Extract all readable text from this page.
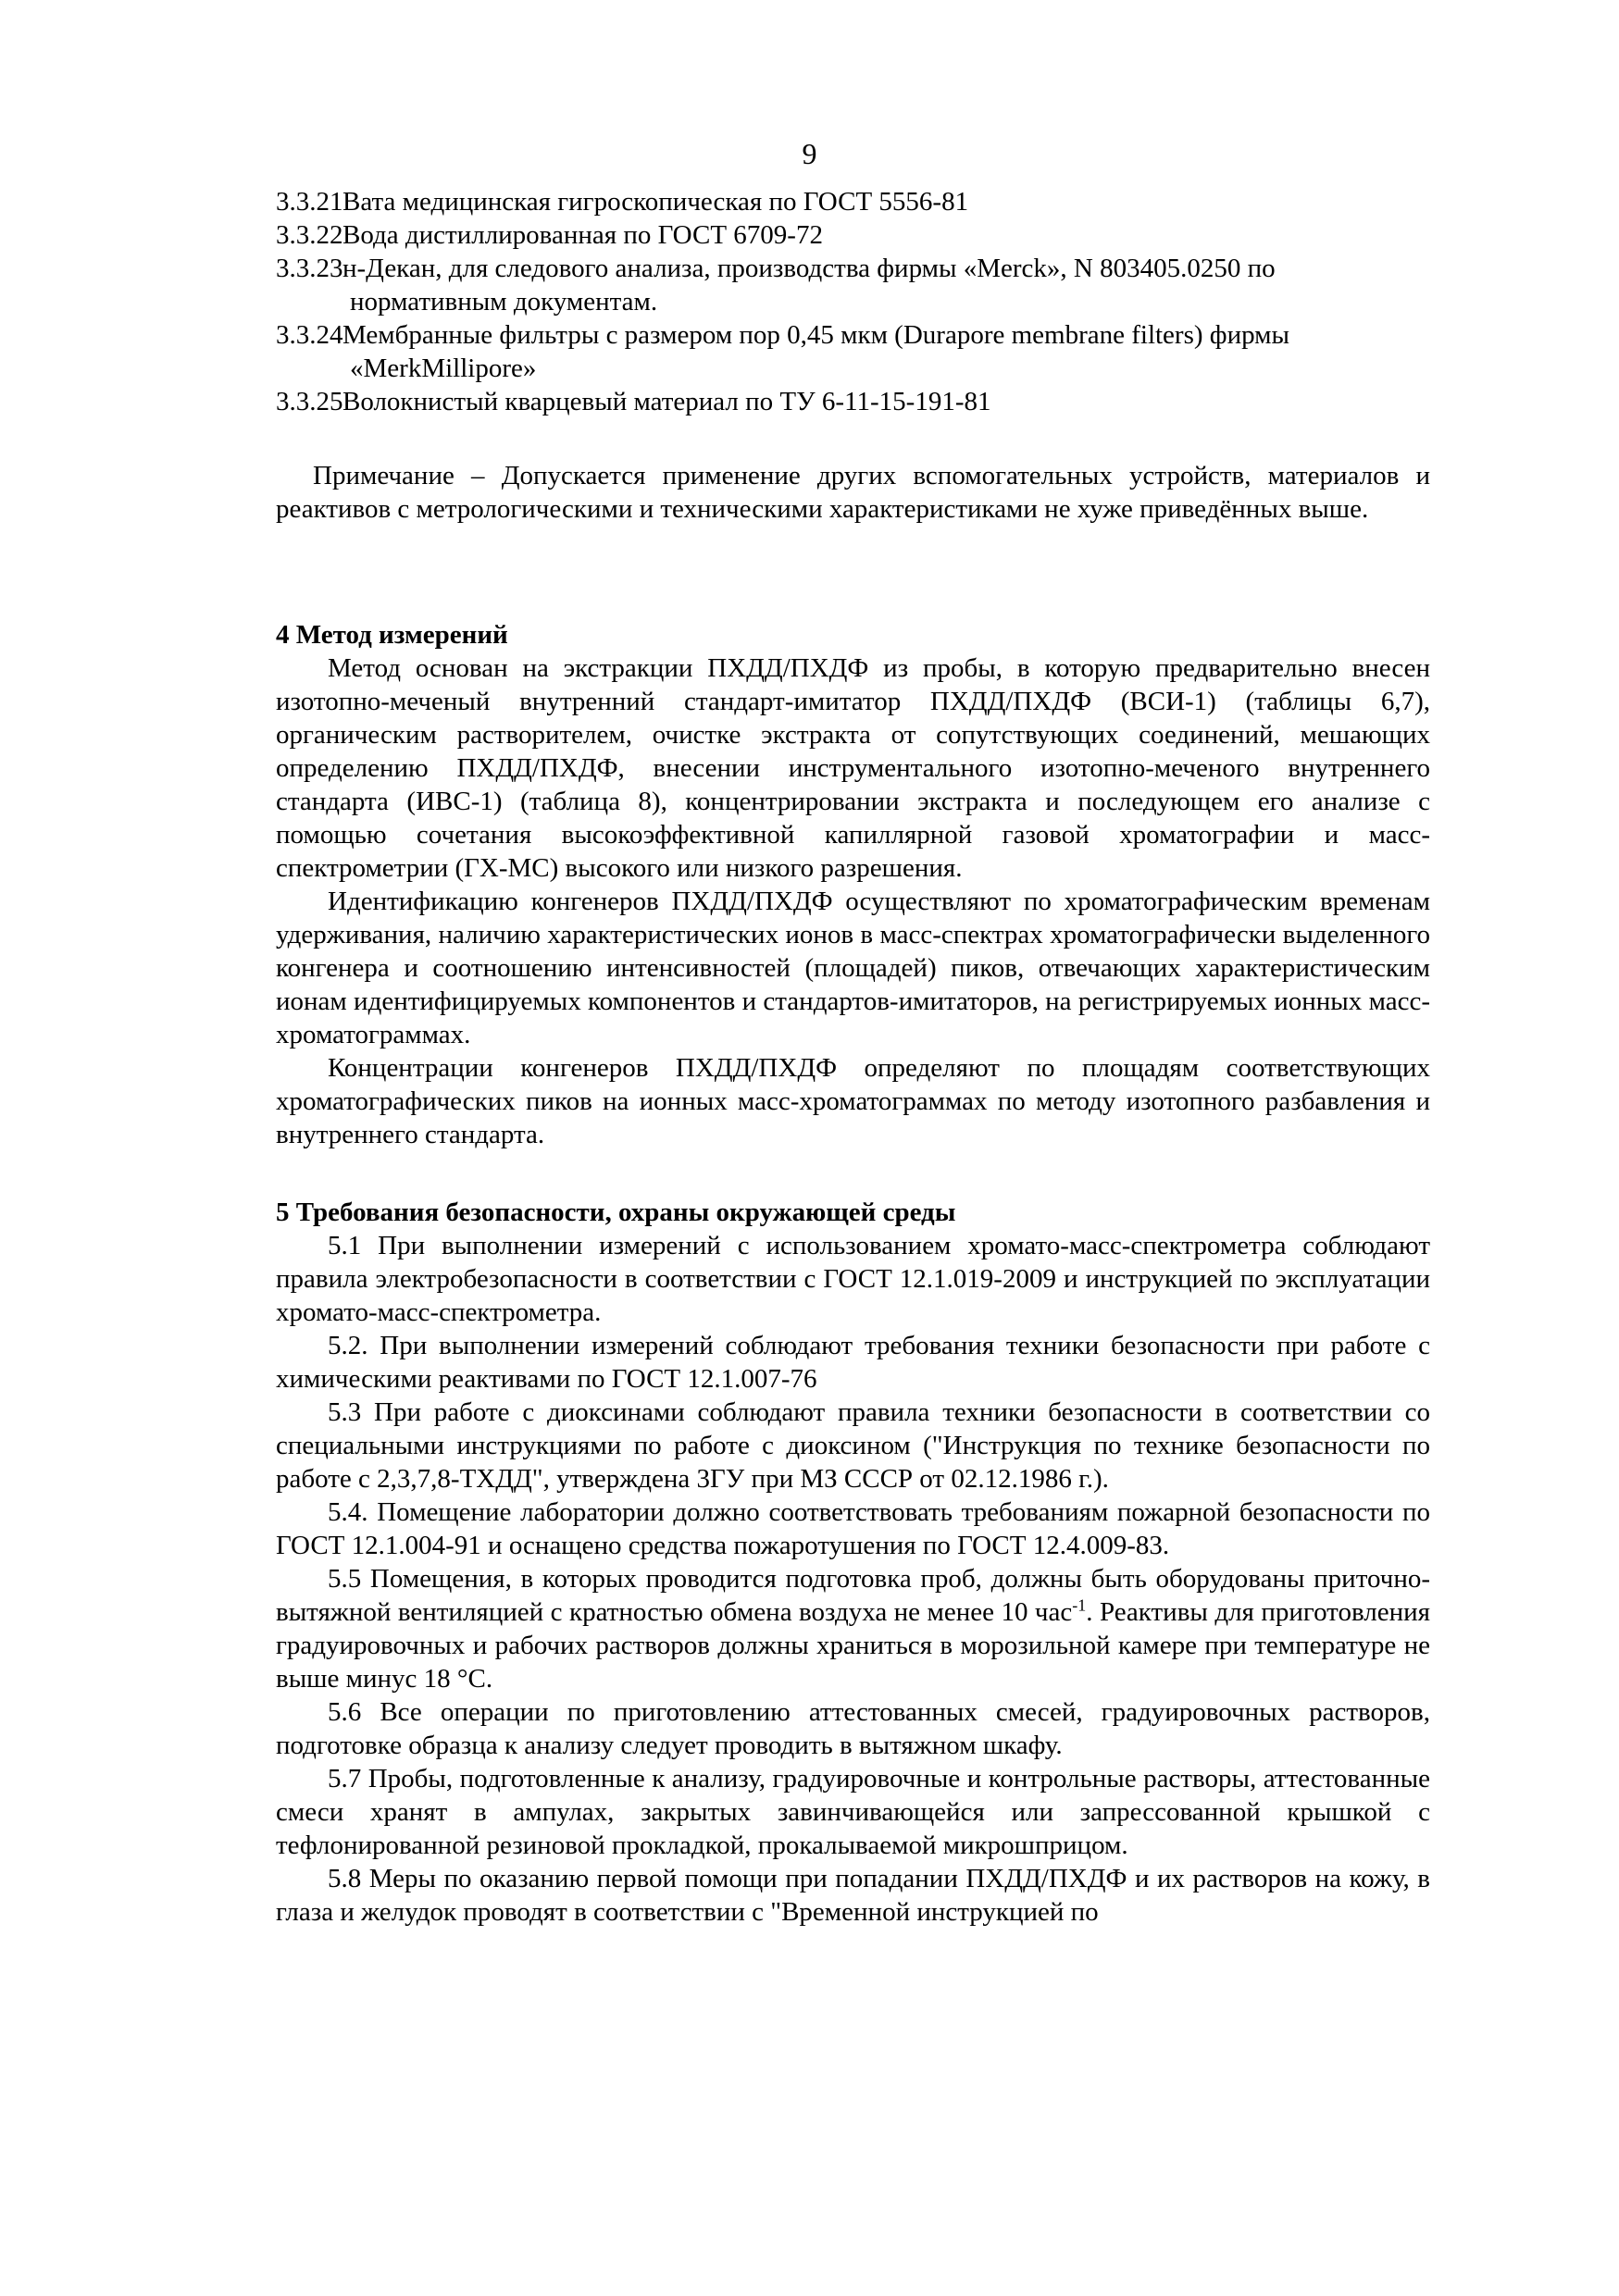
9
3.3.21Вата медицинская гигроскопическая по ГОСТ 5556-81
3.3.22Вода дистиллированная по ГОСТ 6709-72
3.3.23н-Декан, для следового анализа, производства фирмы «Merck», N 803405.0250 по нормативным документам.
3.3.24Мембранные фильтры с размером пор 0,45 мкм (Durapore membrane filters) фирмы «MerkMillipore»
3.3.25Волокнистый кварцевый материал по ТУ 6-11-15-191-81
Примечание – Допускается применение других вспомогательных устройств, материалов и реактивов с метрологическими и техническими характеристиками не хуже приведённых выше.
4 Метод измерений
Метод основан на экстракции ПХДД/ПХДФ из пробы, в которую предварительно внесен изотопно-меченый внутренний стандарт-имитатор ПХДД/ПХДФ (ВСИ-1) (таблицы 6,7), органическим растворителем, очистке экстракта от сопутствующих соединений, мешающих определению ПХДД/ПХДФ, внесении инструментального изотопно-меченого внутреннего стандарта (ИВС-1) (таблица 8), концентрировании экстракта и последующем его анализе с помощью сочетания высокоэффективной капиллярной газовой хроматографии и масс-спектрометрии (ГХ-МС) высокого или низкого разрешения.
Идентификацию конгенеров ПХДД/ПХДФ осуществляют по хроматографическим временам удерживания, наличию характеристических ионов в масс-спектрах хроматографически выделенного конгенера и соотношению интенсивностей (площадей) пиков, отвечающих характеристическим ионам идентифицируемых компонентов и стандартов-имитаторов, на регистрируемых ионных масс-хроматограммах.
Концентрации конгенеров ПХДД/ПХДФ определяют по площадям соответствующих хроматографических пиков на ионных масс-хроматограммах по методу изотопного разбавления и внутреннего стандарта.
5 Требования безопасности, охраны окружающей среды
5.1 При выполнении измерений с использованием хромато-масс-спектрометра соблюдают правила электробезопасности в соответствии с ГОСТ 12.1.019-2009 и инструкцией по эксплуатации хромато-масс-спектрометра.
5.2. При выполнении измерений соблюдают требования техники безопасности при работе с химическими реактивами по ГОСТ 12.1.007-76
5.3 При работе с диоксинами соблюдают правила техники безопасности в соответствии со специальными инструкциями по работе с диоксином ("Инструкция по технике безопасности по работе с 2,3,7,8-ТХДД", утверждена 3ГУ при МЗ СССР от 02.12.1986 г.).
5.4. Помещение лаборатории должно соответствовать требованиям пожарной безопасности по ГОСТ 12.1.004-91 и оснащено средства пожаротушения по ГОСТ 12.4.009-83.
5.5 Помещения, в которых проводится подготовка проб, должны быть оборудованы приточно-вытяжной вентиляцией с кратностью обмена воздуха не менее 10 час$^{-1}$. Реактивы для приготовления градуировочных и рабочих растворов должны храниться в морозильной камере при температуре не выше минус 18 °С.
5.6 Все операции по приготовлению аттестованных смесей, градуировочных растворов, подготовке образца к анализу следует проводить в вытяжном шкафу.
5.7 Пробы, подготовленные к анализу, градуировочные и контрольные растворы, аттестованные смеси хранят в ампулах, закрытых завинчивающейся или запрессованной крышкой с тефлонированной резиновой прокладкой, прокалываемой микрошприцом.
5.8 Меры по оказанию первой помощи при попадании ПХДД/ПХДФ и их растворов на кожу, в глаза и желудок проводят в соответствии с "Временной инструкцией по
